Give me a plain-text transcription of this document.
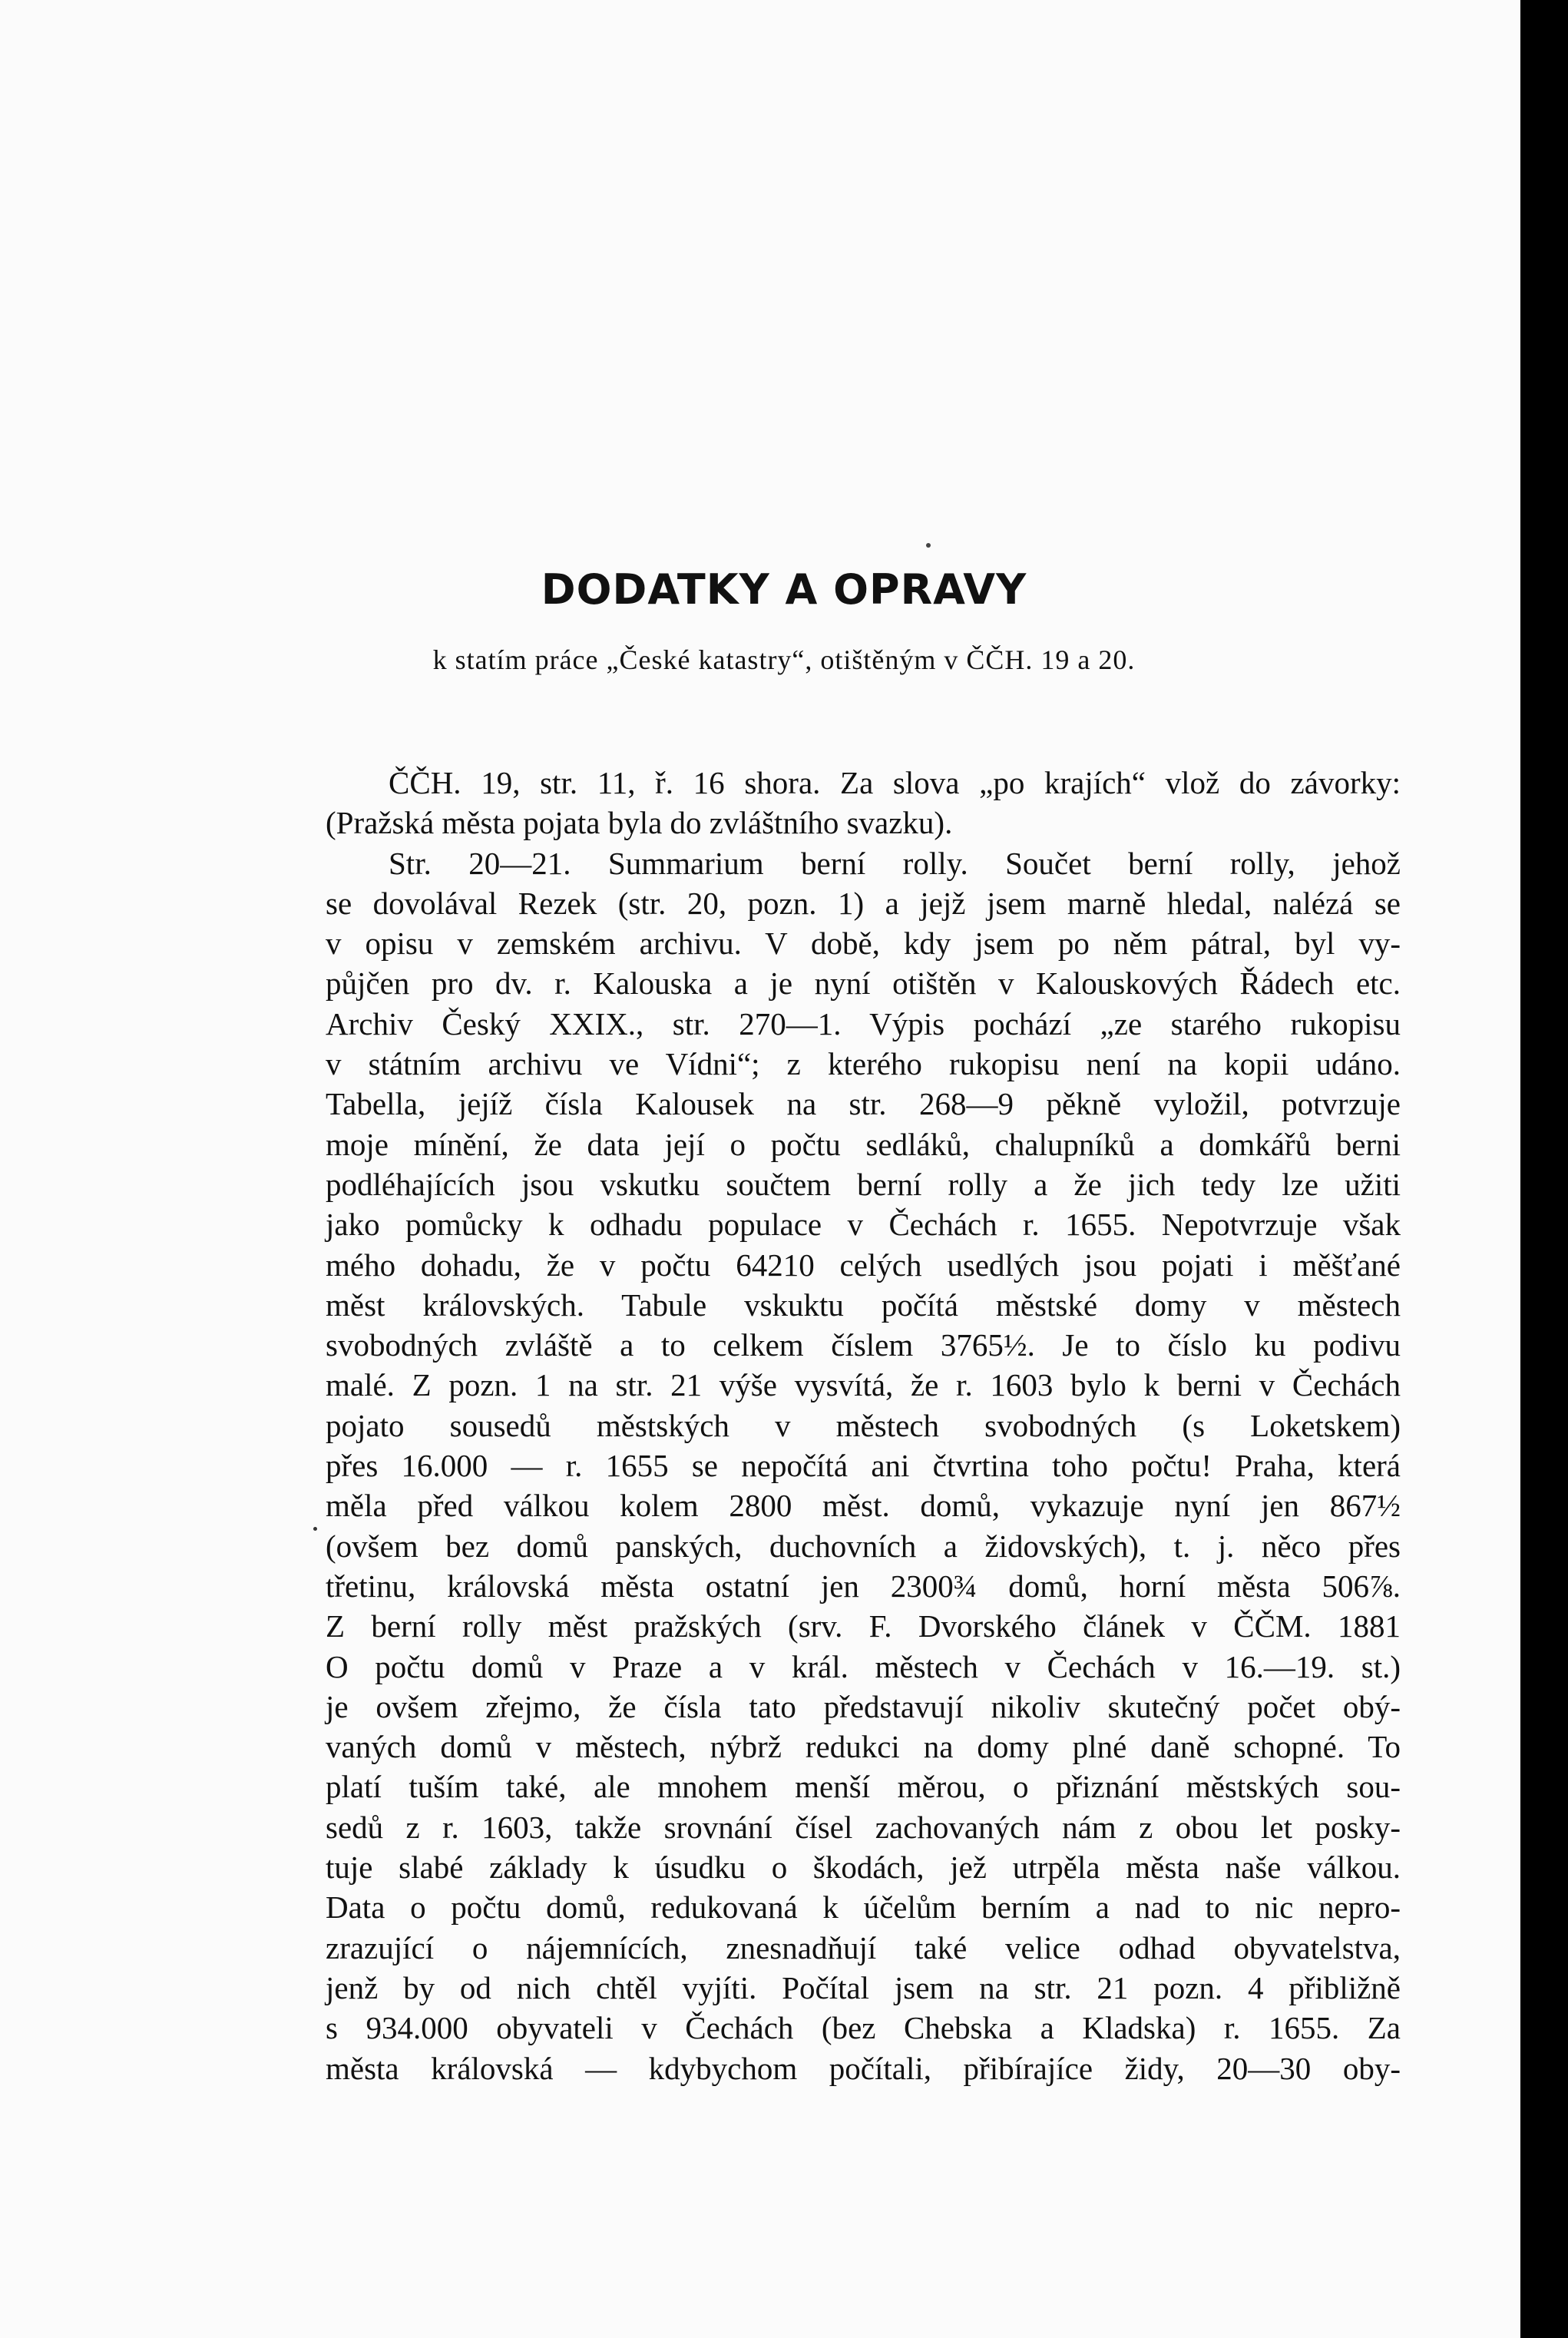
DODATKY A OPRAVY

k statím práce „České katastry“, otištěným v ČČH. 19 a 20.

ČČH. 19, str. 11, ř. 16 shora. Za slova „po krajích“ vlož do závorky:
(Pražská města pojata byla do zvláštního svazku).
Str. 20—21. Summarium berní rolly. Součet berní rolly, jehož
se dovolával Rezek (str. 20, pozn. 1) a jejž jsem marně hledal, nalézá se
v opisu v zemském archivu. V době, kdy jsem po něm pátral, byl vy-
půjčen pro dv. r. Kalouska a je nyní otištěn v Kalouskových Řádech etc.
Archiv Český XXIX., str. 270—1. Výpis pochází „ze starého rukopisu
v státním archivu ve Vídni“; z kterého rukopisu není na kopii udáno.
Tabella, jejíž čísla Kalousek na str. 268—9 pěkně vyložil, potvrzuje
moje mínění, že data její o počtu sedláků, chalupníků a domkářů berni
podléhajících jsou vskutku součtem berní rolly a že jich tedy lze užiti
jako pomůcky k odhadu populace v Čechách r. 1655. Nepotvrzuje však
mého dohadu, že v počtu 64210 celých usedlých jsou pojati i měšťané
měst královských. Tabule vskuktu počítá městské domy v městech
svobodných zvláště a to celkem číslem 3765½. Je to číslo ku podivu
malé. Z pozn. 1 na str. 21 výše vysvítá, že r. 1603 bylo k berni v Čechách
pojato sousedů městských v městech svobodných (s Loketskem)
přes 16.000 — r. 1655 se nepočítá ani čtvrtina toho počtu! Praha, která
měla před válkou kolem 2800 měst. domů, vykazuje nyní jen 867½
(ovšem bez domů panských, duchovních a židovských), t. j. něco přes
třetinu, královská města ostatní jen 2300¾ domů, horní města 506⅞.
Z berní rolly měst pražských (srv. F. Dvorského článek v ČČM. 1881
O počtu domů v Praze a v král. městech v Čechách v 16.—19. st.)
je ovšem zřejmo, že čísla tato představují nikoliv skutečný počet obý-
vaných domů v městech, nýbrž redukci na domy plné daně schopné. To
platí tuším také, ale mnohem menší měrou, o přiznání městských sou-
sedů z r. 1603, takže srovnání čísel zachovaných nám z obou let posky-
tuje slabé základy k úsudku o škodách, jež utrpěla města naše válkou.
Data o počtu domů, redukovaná k účelům berním a nad to nic nepro-
zrazující o nájemnících, znesnadňují také velice odhad obyvatelstva,
jenž by od nich chtěl vyjíti. Počítal jsem na str. 21 pozn. 4 přibližně
s 934.000 obyvateli v Čechách (bez Chebska a Kladska) r. 1655. Za
města královská — kdybychom počítali, přibírajíce židy, 20—30 oby-
